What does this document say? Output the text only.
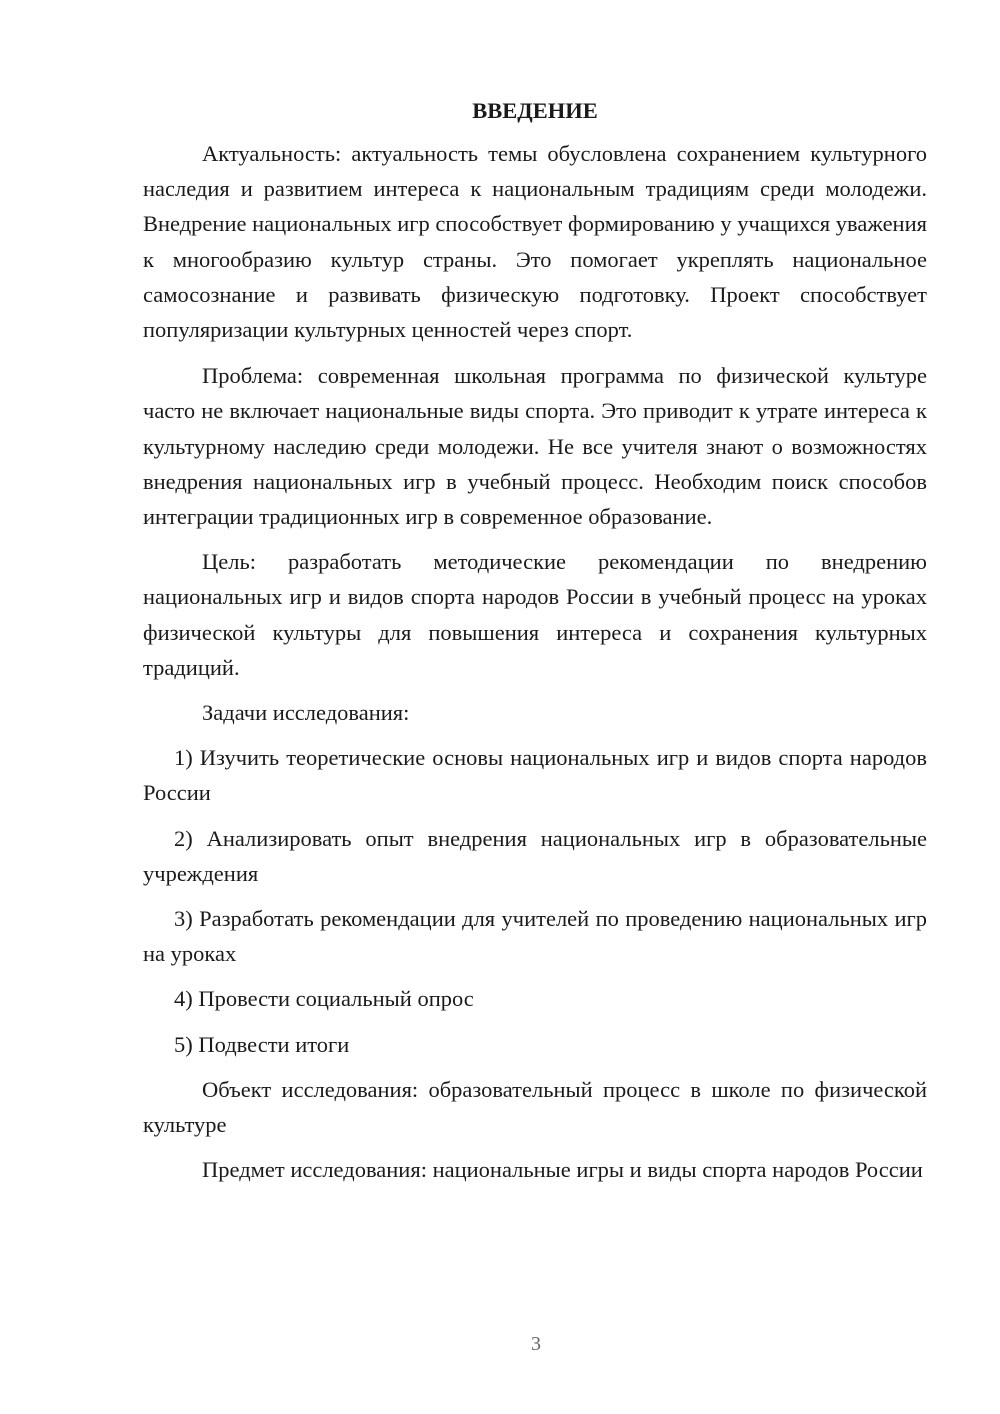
ВВЕДЕНИЕ
Актуальность: актуальность темы обусловлена сохранением культурного наследия и развитием интереса к национальным традициям среди молодежи. Внедрение национальных игр способствует формированию у учащихся уважения к многообразию культур страны. Это помогает укреплять национальное самосознание и развивать физическую подготовку. Проект способствует популяризации культурных ценностей через спорт.
Проблема: современная школьная программа по физической культуре часто не включает национальные виды спорта. Это приводит к утрате интереса к культурному наследию среди молодежи. Не все учителя знают о возможностях внедрения национальных игр в учебный процесс. Необходим поиск способов интеграции традиционных игр в современное образование.
Цель: разработать методические рекомендации по внедрению национальных игр и видов спорта народов России в учебный процесс на уроках физической культуры для повышения интереса и сохранения культурных традиций.
Задачи исследования:
1) Изучить теоретические основы национальных игр и видов спорта народов России
2) Анализировать опыт внедрения национальных игр в образовательные учреждения
3) Разработать рекомендации для учителей по проведению национальных игр на уроках
4) Провести социальный опрос
5) Подвести итоги
Объект исследования: образовательный процесс в школе по физической культуре
Предмет исследования: национальные игры и виды спорта народов России
3
